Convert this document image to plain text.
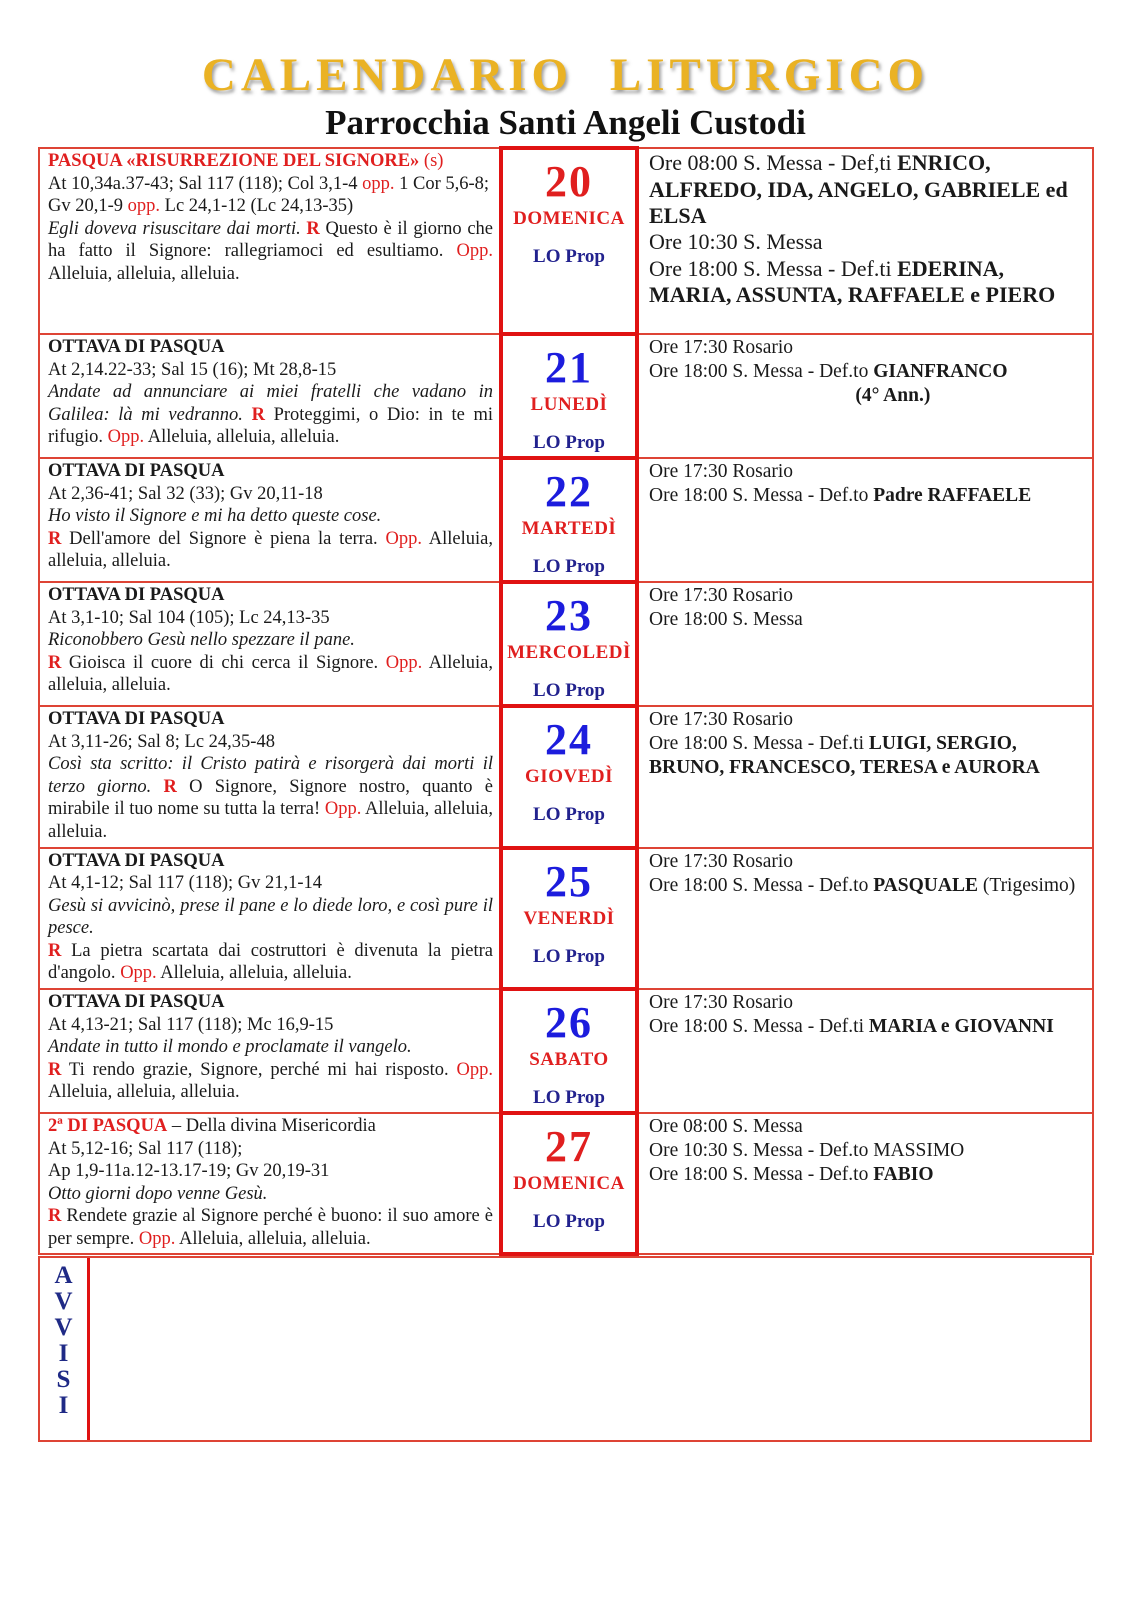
CALENDARIO LITURGICO
Parrocchia Santi Angeli Custodi
PASQUA «RISURREZIONE DEL SIGNORE» (s)
At 10,34a.37-43; Sal 117 (118); Col 3,1-4 opp. 1 Cor 5,6-8;
Gv 20,1-9 opp. Lc 24,1-12 (Lc 24,13-35)
Egli doveva risuscitare dai morti. R Questo è il giorno che ha fatto il Signore: rallegriamoci ed esultiamo. Opp. Alleluia, alleluia, alleluia.

20
DOMENICA
LO Prop

Ore 08:00 S. Messa - Def,ti ENRICO, ALFREDO, IDA, ANGELO, GABRIELE ed ELSA
Ore 10:30 S. Messa
Ore 18:00 S. Messa - Def.ti EDERINA, MARIA, ASSUNTA, RAFFAELE e PIERO

OTTAVA DI PASQUA
At 2,14.22-33; Sal 15 (16); Mt 28,8-15
Andate ad annunciare ai miei fratelli che vadano in Galilea: là mi vedranno. R Proteggimi, o Dio: in te mi rifugio. Opp. Alleluia, alleluia, alleluia.

21
LUNEDÌ
LO Prop

Ore 17:30 Rosario
Ore 18:00 S. Messa - Def.to GIANFRANCO
(4° Ann.)

OTTAVA DI PASQUA
At 2,36-41; Sal 32 (33); Gv 20,11-18
Ho visto il Signore e mi ha detto queste cose.
R Dell'amore del Signore è piena la terra. Opp. Alleluia, alleluia, alleluia.

22
MARTEDÌ
LO Prop

Ore 17:30 Rosario
Ore 18:00 S. Messa - Def.to Padre RAFFAELE

OTTAVA DI PASQUA
At 3,1-10; Sal 104 (105); Lc 24,13-35
Riconobbero Gesù nello spezzare il pane.
R Gioisca il cuore di chi cerca il Signore. Opp. Alleluia, alleluia, alleluia.

23
MERCOLEDÌ
LO Prop

Ore 17:30 Rosario
Ore 18:00 S. Messa

OTTAVA DI PASQUA
At 3,11-26; Sal 8; Lc 24,35-48
Così sta scritto: il Cristo patirà e risorgerà dai morti il terzo giorno. R O Signore, Signore nostro, quanto è mirabile il tuo nome su tutta la terra! Opp. Alleluia, alleluia, alleluia.

24
GIOVEDÌ
LO Prop

Ore 17:30 Rosario
Ore 18:00 S. Messa - Def.ti LUIGI, SERGIO, BRUNO, FRANCESCO, TERESA e AURORA

OTTAVA DI PASQUA
At 4,1-12; Sal 117 (118); Gv 21,1-14
Gesù si avvicinò, prese il pane e lo diede loro, e così pure il pesce.
R La pietra scartata dai costruttori è divenuta la pietra d'angolo. Opp. Alleluia, alleluia, alleluia.

25
VENERDÌ
LO Prop

Ore 17:30 Rosario
Ore 18:00 S. Messa - Def.to PASQUALE (Trigesimo)

OTTAVA DI PASQUA
At 4,13-21; Sal 117 (118); Mc 16,9-15
Andate in tutto il mondo e proclamate il vangelo.
R Ti rendo grazie, Signore, perché mi hai risposto. Opp. Alleluia, alleluia, alleluia.

26
SABATO
LO Prop

Ore 17:30 Rosario
Ore 18:00 S. Messa - Def.ti MARIA e GIOVANNI

2ª DI PASQUA – Della divina Misericordia
At 5,12-16; Sal 117 (118);
Ap 1,9-11a.12-13.17-19; Gv 20,19-31
Otto giorni dopo venne Gesù.
R Rendete grazie al Signore perché è buono: il suo amore è per sempre. Opp. Alleluia, alleluia, alleluia.

27
DOMENICA
LO Prop

Ore 08:00 S. Messa
Ore 10:30 S. Messa - Def.to MASSIMO
Ore 18:00 S. Messa - Def.to FABIO
A
V
V
I
S
I
